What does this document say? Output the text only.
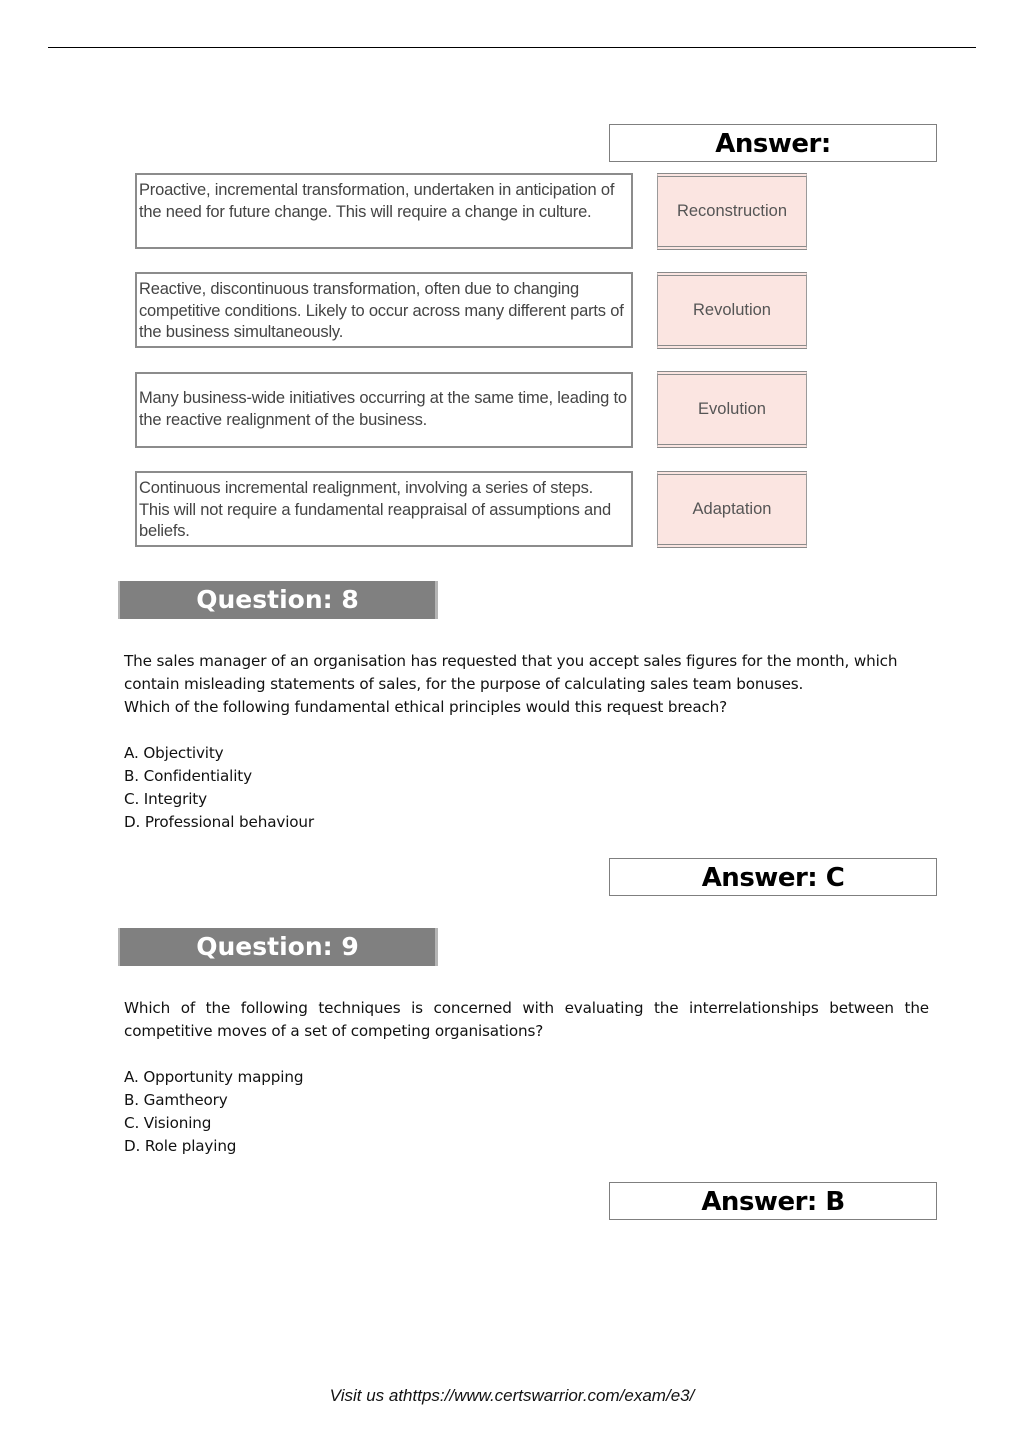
Answer:
Proactive, incremental transformation, undertaken in anticipation of the need for future change. This will require a change in culture.	Reconstruction
Reactive, discontinuous transformation, often due to changing competitive conditions. Likely to occur across many different parts of the business simultaneously.
Revolution
Many business-wide initiatives occurring at the same time, leading to the reactive realignment of the business.
Evolution
Continuous incremental realignment, involving a series of steps. This will not require a fundamental reappraisal of assumptions and beliefs.
Adaptation
Question: 8

The sales manager of an organisation has requested that you accept sales figures for the month, which contain misleading statements of sales, for the purpose of calculating sales team bonuses.

Which of the following fundamental ethical principles would this request breach?

A. Objectivity
B. Confidentiality
C. Integrity
D. Professional behaviour
Answer: C
Question: 9

Which of the following techniques is concerned with evaluating the interrelationships between the competitive moves of a set of competing organisations?

A. Opportunity mapping
B. Gamtheory
C. Visioning
D. Role playing
Answer: B
Visit us athttps://www.certswarrior.com/exam/e3/
